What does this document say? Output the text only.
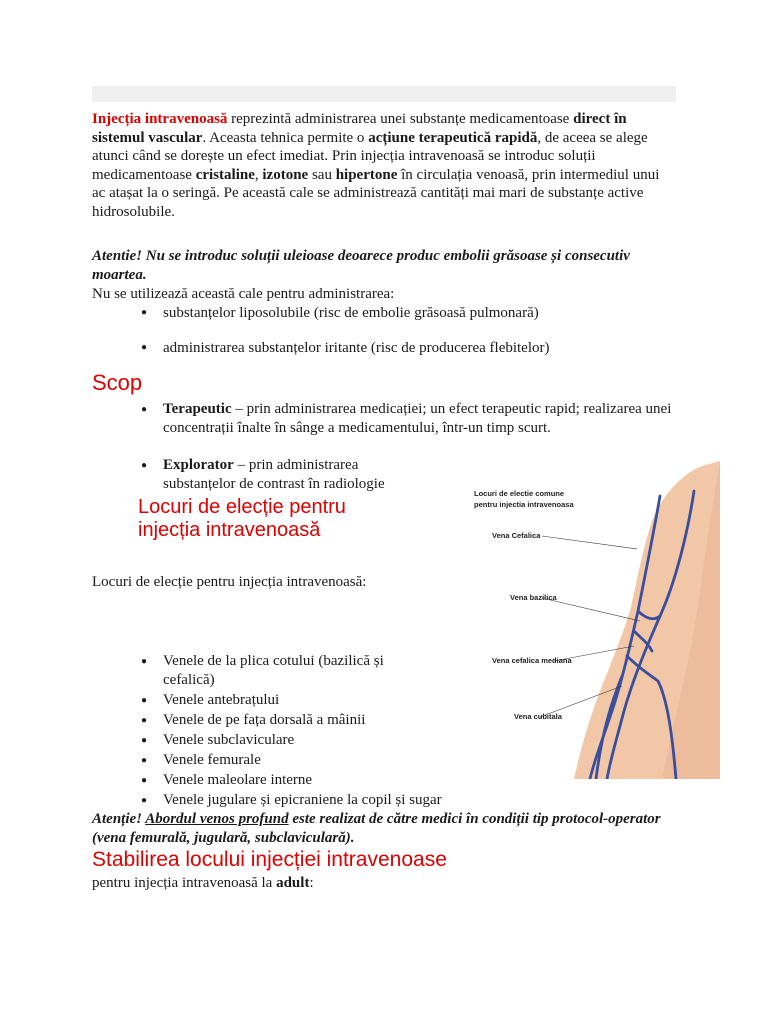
Injecția intravenoasă reprezintă administrarea unei substanțe medicamentoase direct în sistemul vascular. Aceasta tehnica permite o acțiune terapeutică rapidă, de aceea se alege atunci când se dorește un efect imediat. Prin injecția intravenoasă se introduc soluții medicamentoase cristaline, izotone sau hipertone în circulația venoasă, prin intermediul unui ac atașat la o seringă. Pe această cale se administrează cantități mai mari de substanțe active hidrosolubile.
Atentie! Nu se introduc soluții uleioase deoarece produc embolii grăsoase și consecutiv moartea.
Nu se utilizează această cale pentru administrarea:
● substanțelor liposolubile (risc de embolie grăsoasă pulmonară)
● administrarea substanțelor iritante (risc de producerea flebitelor)
Scop
● Terapeutic – prin administrarea medicației; un efect terapeutic rapid; realizarea unei concentrații înalte în sânge a medicamentului, într-un timp scurt.
● Explorator – prin administrarea substanțelor de contrast în radiologie
Locuri de elecție pentru injecția intravenoasă
Locuri de elecție pentru injecția intravenoasă:
● Venele de la plica cotului (bazilică și cefalică)
● Venele antebrațului
● Venele de pe fața dorsală a mâinii
● Venele subclaviculare
● Venele femurale
● Venele maleolare interne
● Venele jugulare și epicraniene la copil și sugar
Locuri de electie comune
pentru injectia intravenoasa
Vena Cefalica
Vena bazilica
Vena cefalica mediana
Vena cubitala
Atenție! Abordul venos profund este realizat de către medici în condiții tip protocol-operator (vena femurală, jugulară, subclaviculară).
Stabilirea locului injecției intravenoase
pentru injecția intravenoasă la adult:
